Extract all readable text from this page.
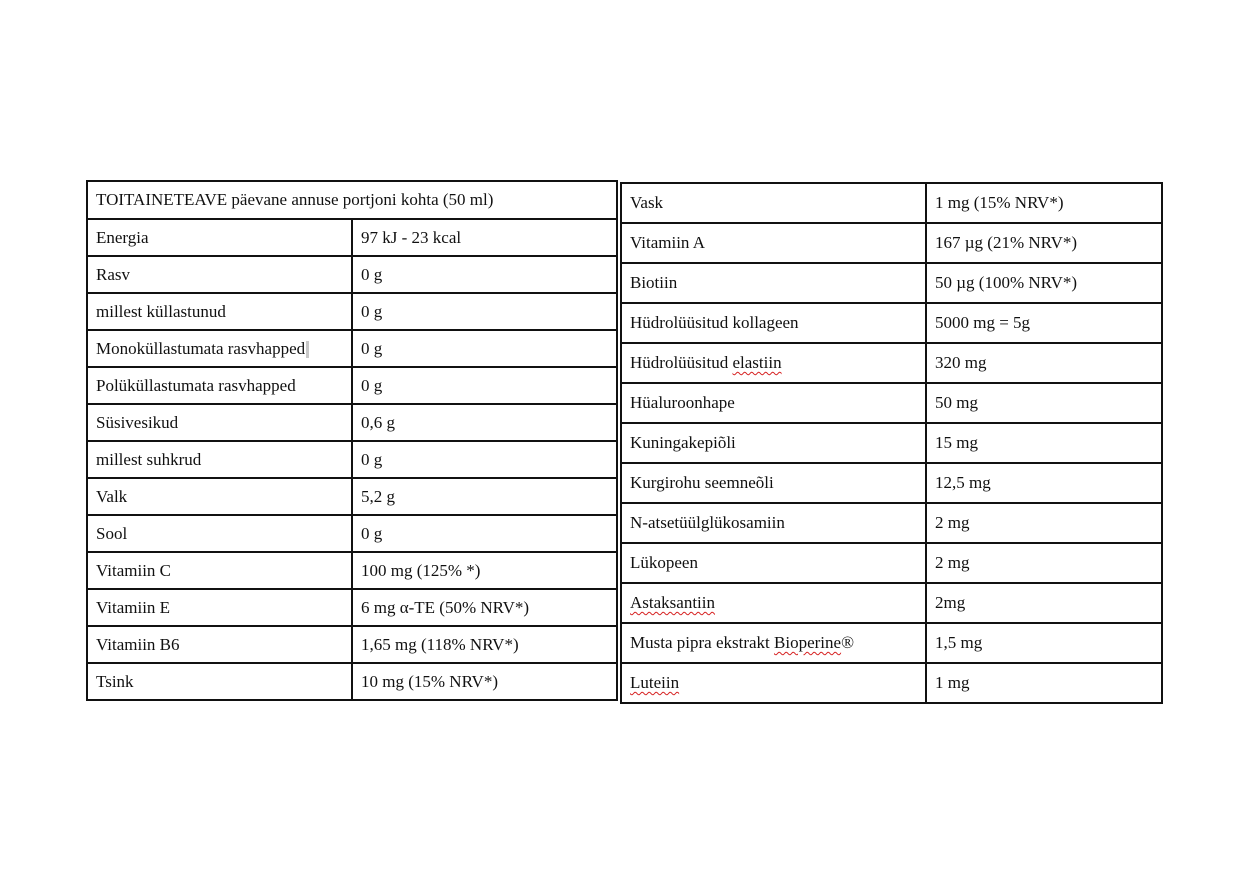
TOITAINETEAVE päevane annuse portjoni kohta (50 ml)	
Energia	97 kJ - 23 kcal
Rasv	0 g
millest küllastunud	0 g
Monoküllastumata rasvhapped	0 g
Polüküllastumata rasvhapped	0 g
Süsivesikud	0,6 g
millest suhkrud	0 g
Valk	5,2 g
Sool	0 g
Vitamiin C	100 mg (125% *)
Vitamiin E	6 mg α-TE (50% NRV*)
Vitamiin B6	1,65 mg (118% NRV*)
Tsink	10 mg (15% NRV*)
Vask	1 mg (15% NRV*)
Vitamiin A	167 µg (21% NRV*)
Biotiin	50 µg (100% NRV*)
Hüdrolüüsitud kollageen	5000 mg = 5g
Hüdrolüüsitud elastiin	320 mg
Hüaluroonhape	50 mg
Kuningakepiõli	15 mg
Kurgirohu seemneõli	12,5 mg
N-atsetüülglükosamiin	2 mg
Lükopeen	2 mg
Astaksantiin	2mg
Musta pipra ekstrakt Bioperine®	1,5 mg
Luteiin	1 mg
